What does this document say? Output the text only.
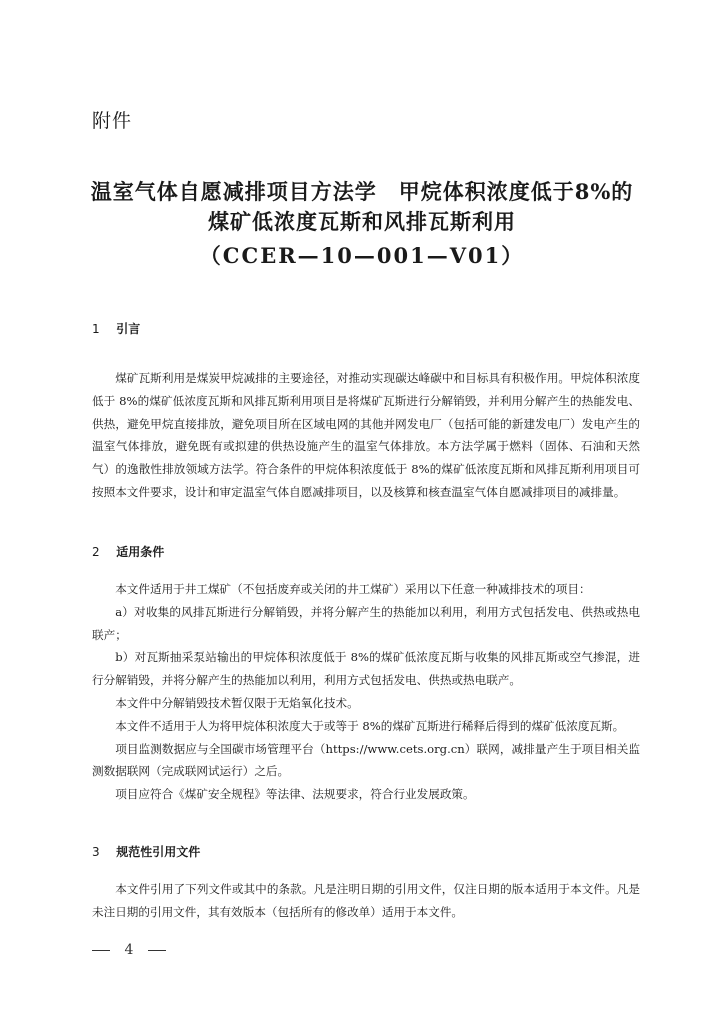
附件
温室气体自愿减排项目方法学　甲烷体积浓度低于8%的
煤矿低浓度瓦斯和风排瓦斯利用
（CCER—10—001—V01）
1 引言

煤矿瓦斯利用是煤炭甲烷减排的主要途径，对推动实现碳达峰碳中和目标具有积极作用。甲烷体积浓度低于 8%的煤矿低浓度瓦斯和风排瓦斯利用项目是将煤矿瓦斯进行分解销毁，并利用分解产生的热能发电、供热，避免甲烷直接排放，避免项目所在区域电网的其他并网发电厂（包括可能的新建发电厂）发电产生的温室气体排放，避免既有或拟建的供热设施产生的温室气体排放。本方法学属于燃料（固体、石油和天然气）的逸散性排放领域方法学。符合条件的甲烷体积浓度低于 8%的煤矿低浓度瓦斯和风排瓦斯利用项目可按照本文件要求，设计和审定温室气体自愿减排项目，以及核算和核查温室气体自愿减排项目的减排量。

2 适用条件

本文件适用于井工煤矿（不包括废弃或关闭的井工煤矿）采用以下任意一种减排技术的项目：

a）对收集的风排瓦斯进行分解销毁，并将分解产生的热能加以利用，利用方式包括发电、供热或热电联产；

b）对瓦斯抽采泵站输出的甲烷体积浓度低于 8%的煤矿低浓度瓦斯与收集的风排瓦斯或空气掺混，进行分解销毁，并将分解产生的热能加以利用，利用方式包括发电、供热或热电联产。

本文件中分解销毁技术暂仅限于无焰氧化技术。

本文件不适用于人为将甲烷体积浓度大于或等于 8%的煤矿瓦斯进行稀释后得到的煤矿低浓度瓦斯。

项目监测数据应与全国碳市场管理平台（https://www.cets.org.cn）联网，减排量产生于项目相关监测数据联网（完成联网试运行）之后。

项目应符合《煤矿安全规程》等法律、法规要求，符合行业发展政策。

3 规范性引用文件

本文件引用了下列文件或其中的条款。凡是注明日期的引用文件，仅注日期的版本适用于本文件。凡是未注日期的引用文件，其有效版本（包括所有的修改单）适用于本文件。

4
